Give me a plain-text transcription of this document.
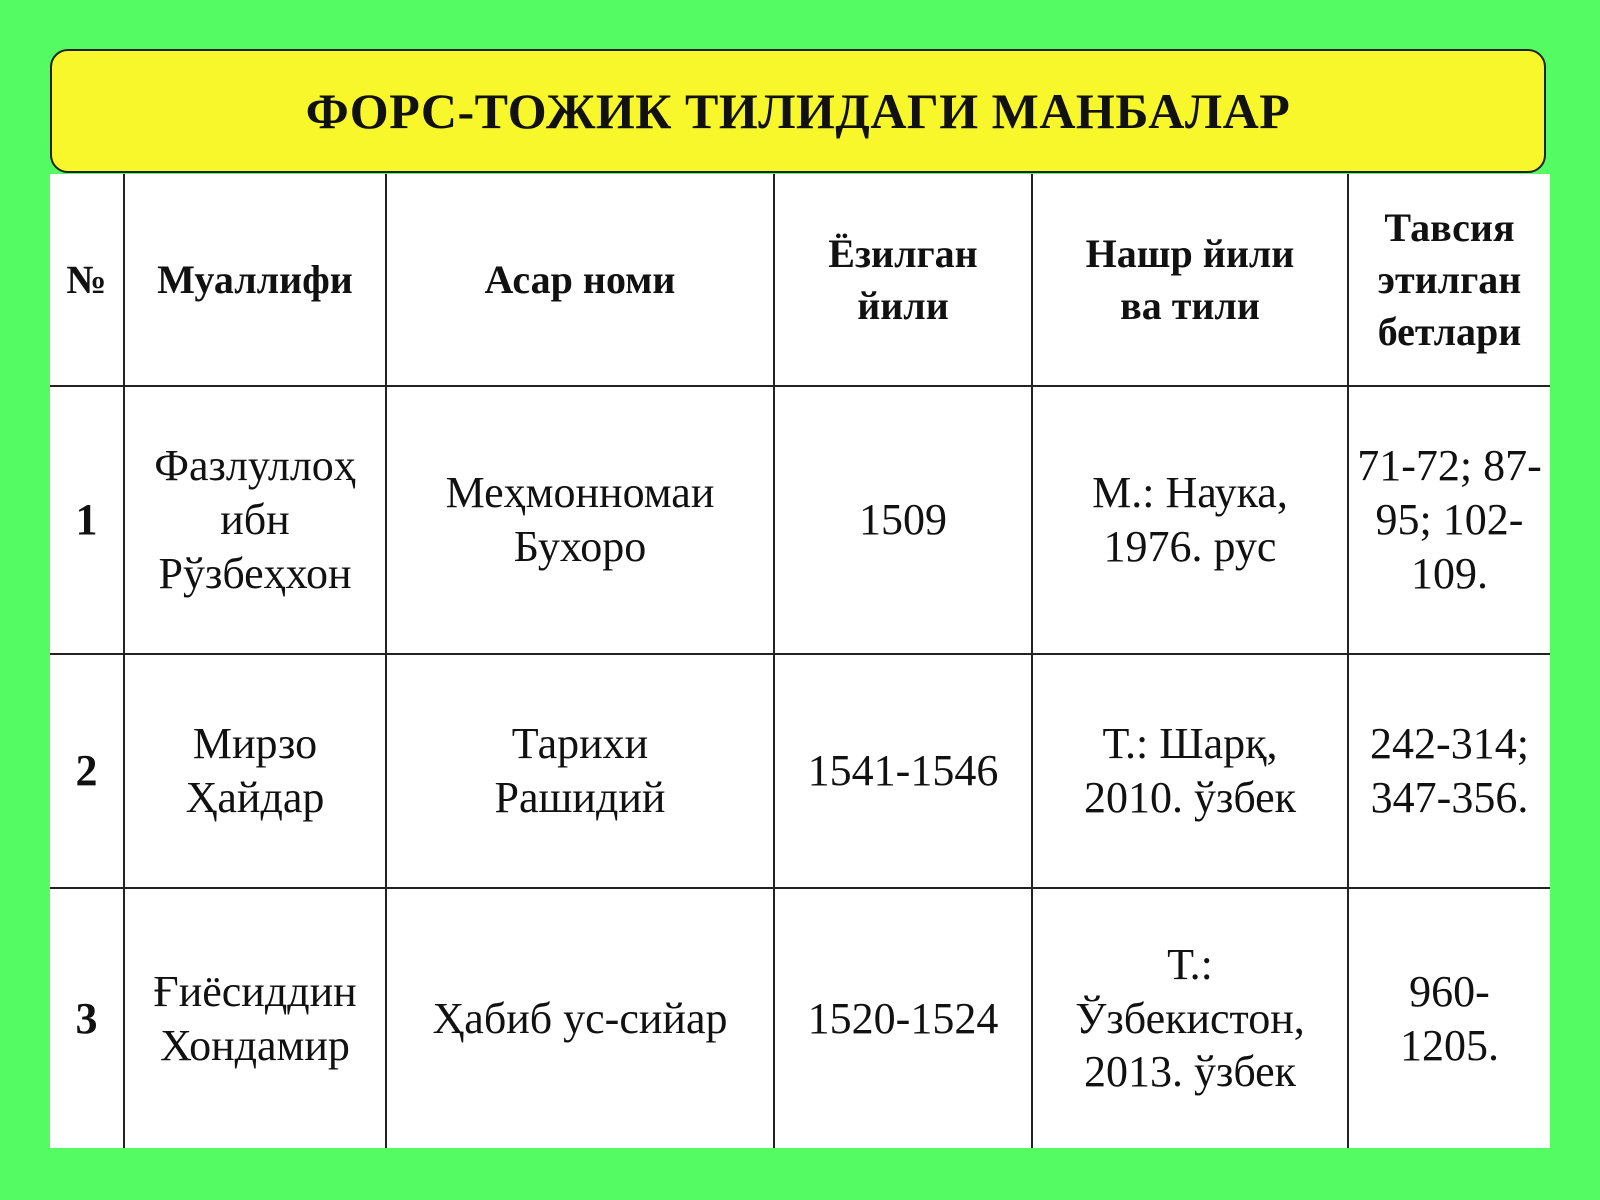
ФОРС-ТОЖИК ТИЛИДАГИ МАНБАЛАР
№	Муаллифи	Асар номи	Ёзилган йили	Нашр йили ва тили	Тавсия этилган бетлари
1	Фазлуллоҳ ибн Рўзбеҳхон	Меҳмонномаи Бухоро	1509	М.: Наука, 1976. рус	71-72; 87-95; 102-109.
2	Мирзо Ҳайдар	Тарихи Рашидий	1541-1546	Т.: Шарқ, 2010. ўзбек	242-314; 347-356.
3	Ғиёсиддин Хондамир	Ҳабиб ус-сийар	1520-1524	Т.: Ўзбекистон, 2013. ўзбек	960-1205.
